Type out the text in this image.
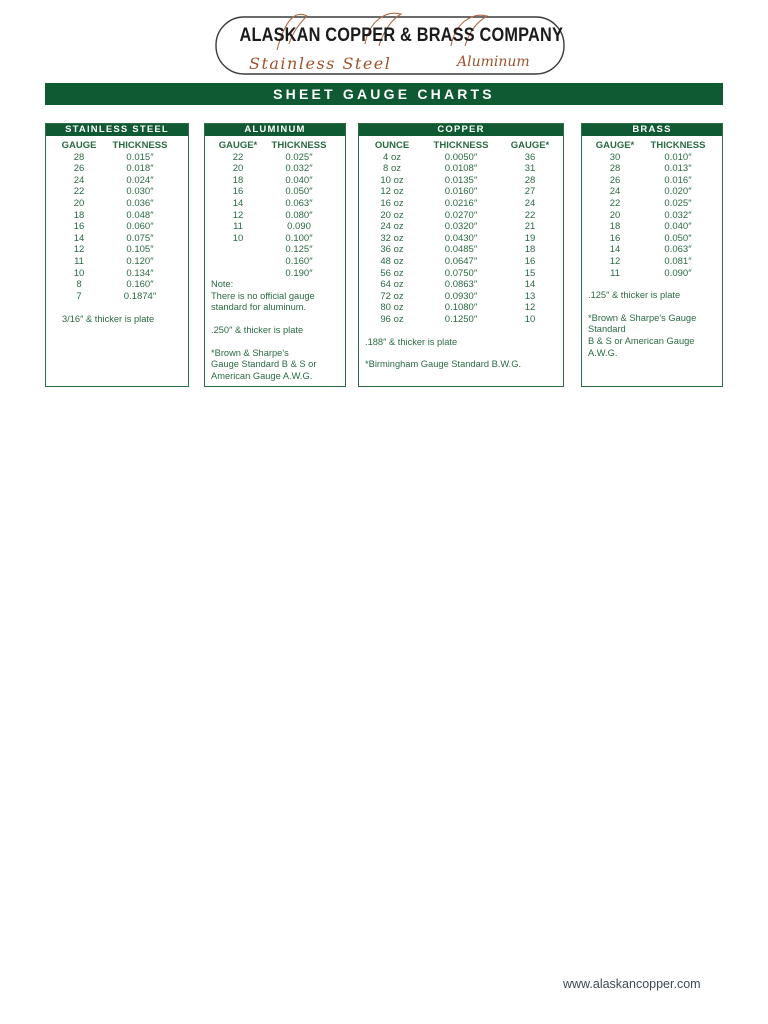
ALASKAN COPPER & BRASS COMPANY
Stainless Steel	Aluminum
SHEET GAUGE CHARTS
STAINLESS STEEL
GAUGE	THICKNESS
28	0.015″
26	0.018″
24	0.024″
22	0.030″
20	0.036″
18	0.048″
16	0.060″
14	0.075″
12	0.105″
11	0.120″
10	0.134″
8	0.160″
7	0.1874″

3/16″ & thicker is plate

ALUMINUM
GAUGE*	THICKNESS
22	0.025″
20	0.032″
18	0.040″
16	0.050″
14	0.063″
12	0.080″
11	0.090
10	0.100″
	0.125″
	0.160″
	0.190″

Note:
There is no official gauge
standard for aluminum.

.250″ & thicker is plate

*Brown & Sharpe's
Gauge Standard B & S or
American Gauge A.W.G.

COPPER
OUNCE	THICKNESS	GAUGE*
4 oz	0.0050″	36
8 oz	0.0108″	31
10 oz	0.0135″	28
12 oz	0.0160″	27
16 oz	0.0216″	24
20 oz	0.0270″	22
24 oz	0.0320″	21
32 oz	0.0430″	19
36 oz	0.0485″	18
48 oz	0.0647″	16
56 oz	0.0750″	15
64 oz	0.0863″	14
72 oz	0.0930″	13
80 oz	0.1080″	12
96 oz	0.1250″	10

.188″ & thicker is plate

*Birmingham Gauge Standard B.W.G.

BRASS
GAUGE*	THICKNESS
30	0.010″
28	0.013″
26	0.016″
24	0.020″
22	0.025″
20	0.032″
18	0.040″
16	0.050″
14	0.063″
12	0.081″
11	0.090″

.125″ & thicker is plate

*Brown & Sharpe's Gauge
Standard
B & S or American Gauge
A.W.G.

www.alaskancopper.com
